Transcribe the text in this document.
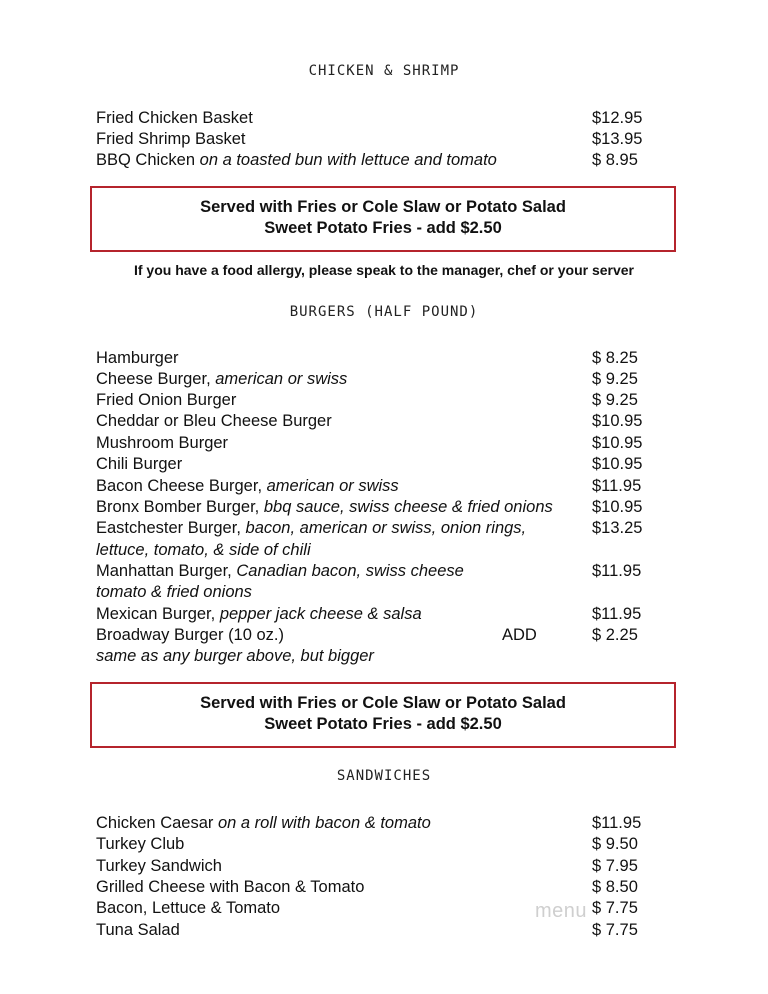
CHICKEN & SHRIMP
Fried Chicken Basket	$12.95
Fried Shrimp Basket	$13.95
BBQ Chicken on a toasted bun with lettuce and tomato	$ 8.95
Served with Fries or Cole Slaw or Potato Salad
Sweet Potato Fries - add $2.50
If you have a food allergy, please speak to the manager, chef or your server
BURGERS (HALF POUND)
Hamburger	$ 8.25
Cheese Burger, american or swiss	$ 9.25
Fried Onion Burger	$ 9.25
Cheddar or Bleu Cheese Burger	$10.95
Mushroom Burger	$10.95
Chili Burger	$10.95
Bacon Cheese Burger, american or swiss	$11.95
Bronx Bomber Burger, bbq sauce, swiss cheese & fried onions $10.95
Eastchester Burger, bacon, american or swiss, onion rings,	$13.25
lettuce, tomato, & side of chili
Manhattan Burger, Canadian bacon, swiss cheese	$11.95
tomato & fried onions
Mexican Burger, pepper jack cheese & salsa	$11.95
Broadway Burger (10 oz.)	ADD	$ 2.25
same as any burger above, but bigger
Served with Fries or Cole Slaw or Potato Salad
Sweet Potato Fries - add $2.50
SANDWICHES
Chicken Caesar on a roll with bacon & tomato	$11.95
Turkey Club	$ 9.50
Turkey Sandwich	$ 7.95
Grilled Cheese with Bacon & Tomato	$ 8.50
Bacon, Lettuce & Tomato	$ 7.75
Tuna Salad	$ 7.75
menu
